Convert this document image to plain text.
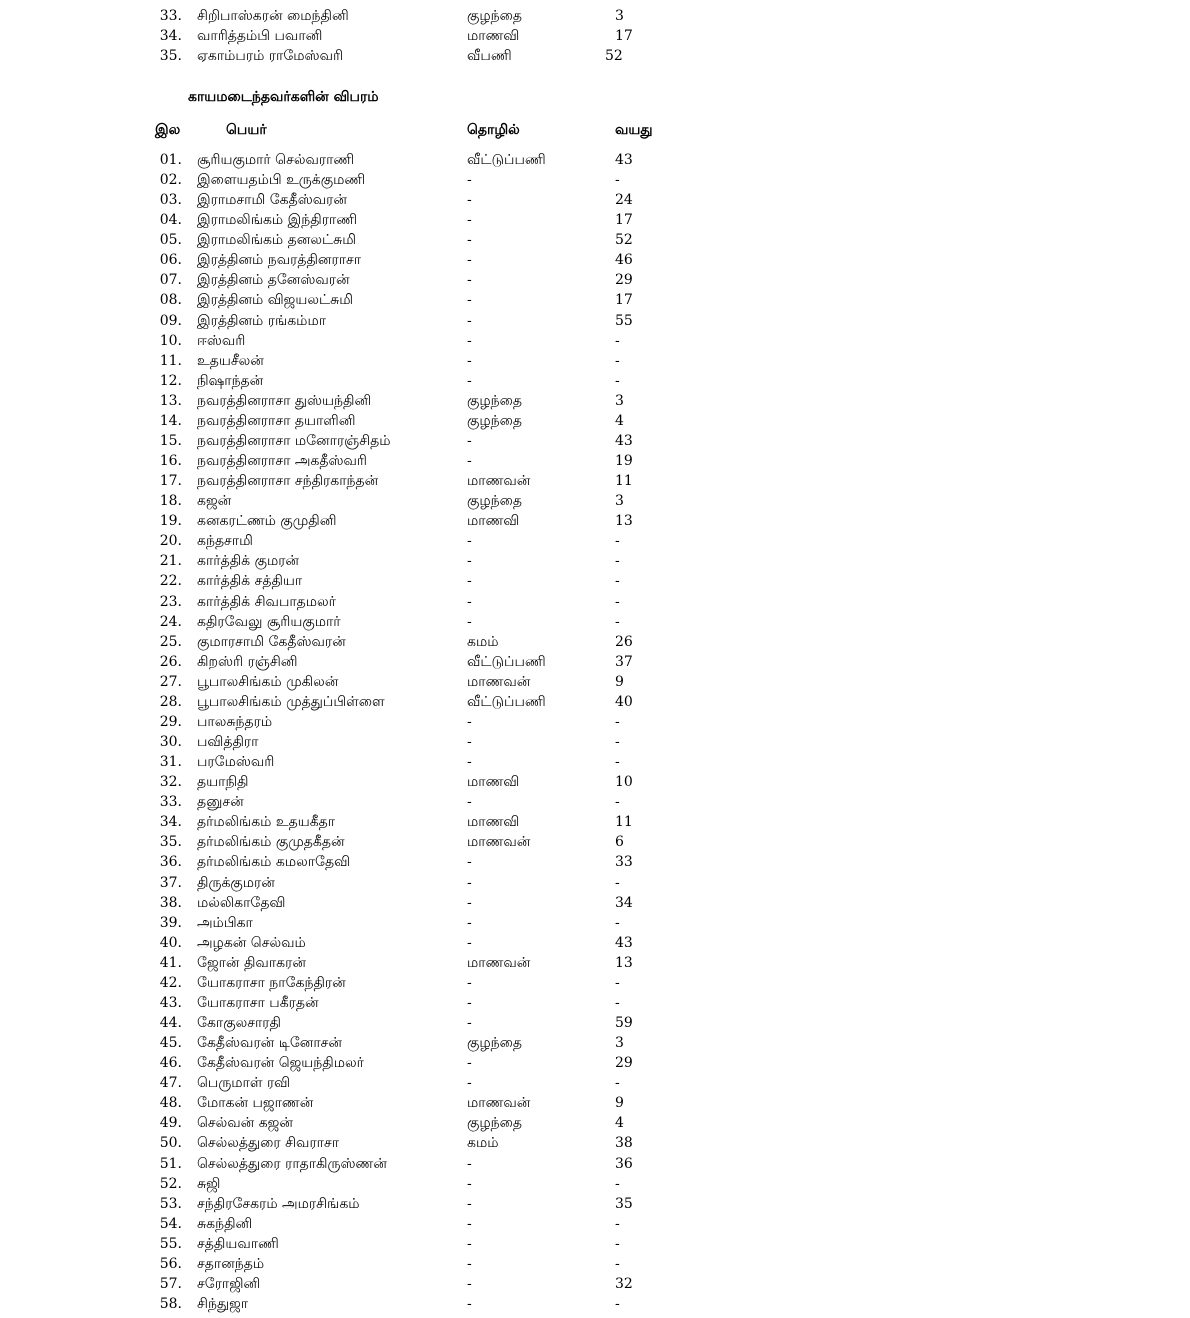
33. சிறிபாஸ்கரன் மைந்தினி	குழந்தை	3
34. வாரித்தம்பி பவானி	மாணவி	17
35. ஏகாம்பரம் ராமேஸ்வரி	வீபணி	52
காயமடைந்தவர்களின் விபரம்
இல	பெயர்	தொழில்	வயது
01. சூரியகுமார் செல்வராணி	வீட்டுப்பணி	43
02. இளையதம்பி உருக்குமணி	-	-
03. இராமசாமி கேதீஸ்வரன்	-	24
04. இராமலிங்கம் இந்திராணி	-	17
05. இராமலிங்கம் தனலட்சுமி	-	52
06. இரத்தினம் நவரத்தினராசா	-	46
07. இரத்தினம் தனேஸ்வரன்	-	29
08. இரத்தினம் விஜயலட்சுமி	-	17
09. இரத்தினம் ரங்கம்மா	-	55
10. ஈஸ்வரி	-	-
11. உதயசீலன்	-	-
12. நிஷாந்தன்	-	-
13. நவரத்தினராசா துஸ்யந்தினி	குழந்தை	3
14. நவரத்தினராசா தயாளினி	குழந்தை	4
15. நவரத்தினராசா மனோரஞ்சிதம்	-	43
16. நவரத்தினராசா அகதீஸ்வரி	-	19
17. நவரத்தினராசா சந்திரகாந்தன்	மாணவன்	11
18. கஜன்	குழந்தை	3
19. கனகரட்ணம் குமுதினி	மாணவி	13
20. கந்தசாமி	-	-
21. கார்த்திக் குமரன்	-	-
22. கார்த்திக் சத்தியா	-	-
23. கார்த்திக் சிவபாதமலர்	-	-
24. கதிரவேலு சூரியகுமார்	-	-
25. குமாரசாமி கேதீஸ்வரன்	கமம்	26
26. கிறஸ்ரி ரஞ்சினி	வீட்டுப்பணி	37
27. பூபாலசிங்கம் முகிலன்	மாணவன்	9
28. பூபாலசிங்கம் முத்துப்பிள்ளை	வீட்டுப்பணி	40
29. பாலசுந்தரம்	-	-
30. பவித்திரா	-	-
31. பரமேஸ்வரி	-	-
32. தயாநிதி	மாணவி	10
33. தனுசன்	-	-
34. தர்மலிங்கம் உதயகீதா	மாணவி	11
35. தர்மலிங்கம் குமுதகீதன்	மாணவன்	6
36. தர்மலிங்கம் கமலாதேவி	-	33
37. திருக்குமரன்	-	-
38. மல்லிகாதேவி	-	34
39. அம்பிகா	-	-
40. அழகன் செல்வம்	-	43
41. ஜோன் திவாகரன்	மாணவன்	13
42. யோகராசா நாகேந்திரன்	-	-
43. யோகராசா பகீரதன்	-	-
44. கோகுலசாரதி	-	59
45. கேதீஸ்வரன் டினோசன்	குழந்தை	3
46. கேதீஸ்வரன் ஜெயந்திமலர்	-	29
47. பெருமாள் ரவி	-	-
48. மோகன் பஜாணன்	மாணவன்	9
49. செல்வன் கஜன்	குழந்தை	4
50. செல்லத்துரை சிவராசா	கமம்	38
51. செல்லத்துரை ராதாகிருஸ்ணன்	-	36
52. சுஜி	-	-
53. சந்திரசேகரம் அமரசிங்கம்	-	35
54. சுகந்தினி	-	-
55. சத்தியவாணி	-	-
56. சதானந்தம்	-	-
57. சரோஜினி	-	32
58. சிந்துஜா	-	-
